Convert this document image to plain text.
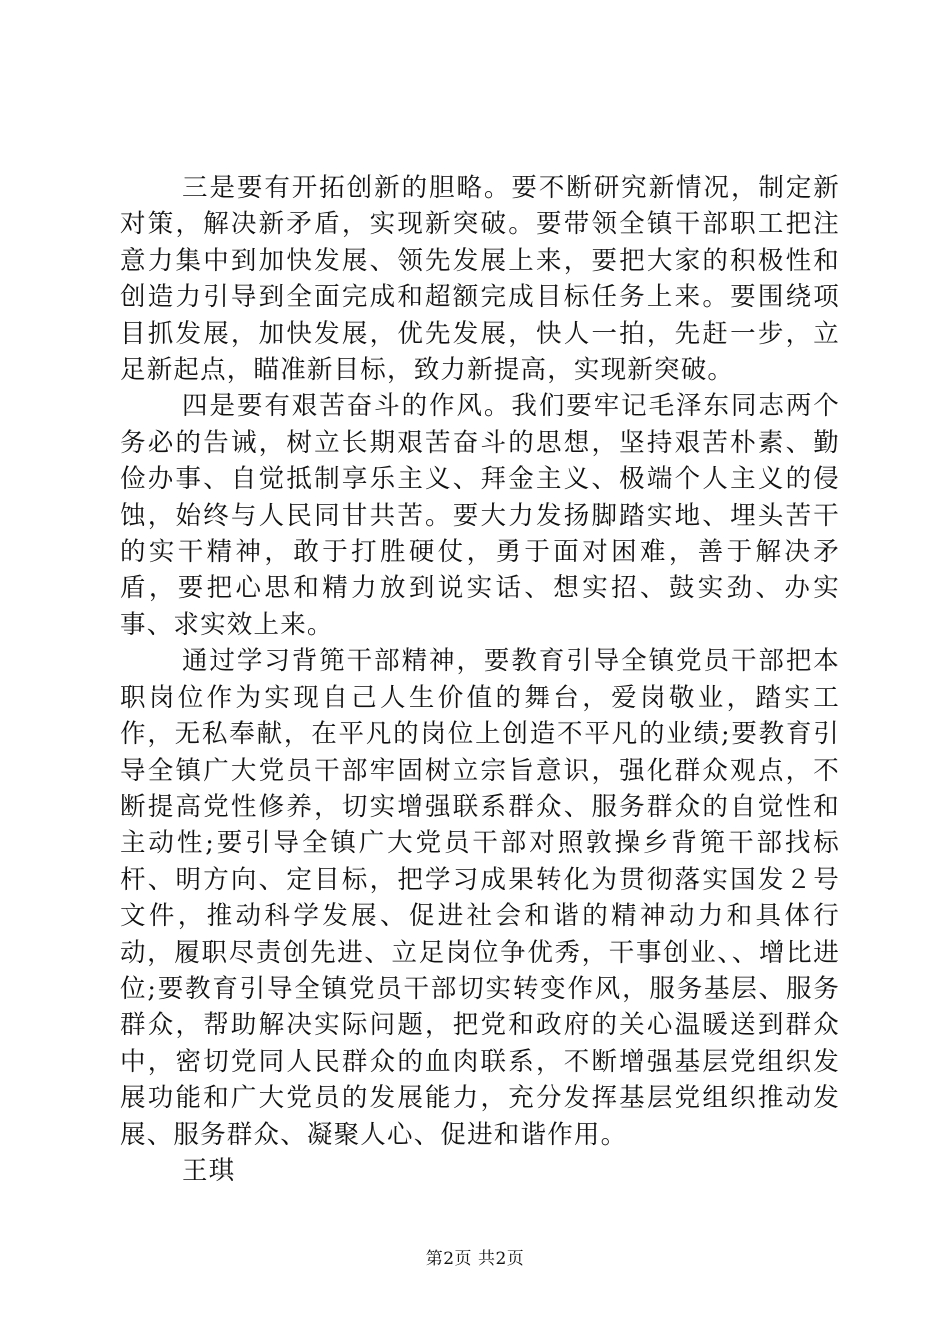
三是要有开拓创新的胆略。要不断研究新情况，制定新对策，解决新矛盾，实现新突破。要带领全镇干部职工把注意力集中到加快发展、领先发展上来，要把大家的积极性和创造力引导到全面完成和超额完成目标任务上来。要围绕项目抓发展，加快发展，优先发展，快人一拍，先赶一步，立足新起点，瞄准新目标，致力新提高，实现新突破。

四是要有艰苦奋斗的作风。我们要牢记毛泽东同志两个务必的告诫，树立长期艰苦奋斗的思想，坚持艰苦朴素、勤俭办事、自觉抵制享乐主义、拜金主义、极端个人主义的侵蚀，始终与人民同甘共苦。要大力发扬脚踏实地、埋头苦干的实干精神，敢于打胜硬仗，勇于面对困难，善于解决矛盾，要把心思和精力放到说实话、想实招、鼓实劲、办实事、求实效上来。

通过学习背篼干部精神，要教育引导全镇党员干部把本职岗位作为实现自己人生价值的舞台，爱岗敬业，踏实工作，无私奉献，在平凡的岗位上创造不平凡的业绩;要教育引导全镇广大党员干部牢固树立宗旨意识，强化群众观点，不断提高党性修养，切实增强联系群众、服务群众的自觉性和主动性;要引导全镇广大党员干部对照敦操乡背篼干部找标杆、明方向、定目标，把学习成果转化为贯彻落实国发２号文件，推动科学发展、促进社会和谐的精神动力和具体行动，履职尽责创先进、立足岗位争优秀，干事创业、、增比进位;要教育引导全镇党员干部切实转变作风，服务基层、服务群众，帮助解决实际问题，把党和政府的关心温暖送到群众中，密切党同人民群众的血肉联系，不断增强基层党组织发展功能和广大党员的发展能力，充分发挥基层党组织推动发展、服务群众、凝聚人心、促进和谐作用。

王琪

第2页 共2页
